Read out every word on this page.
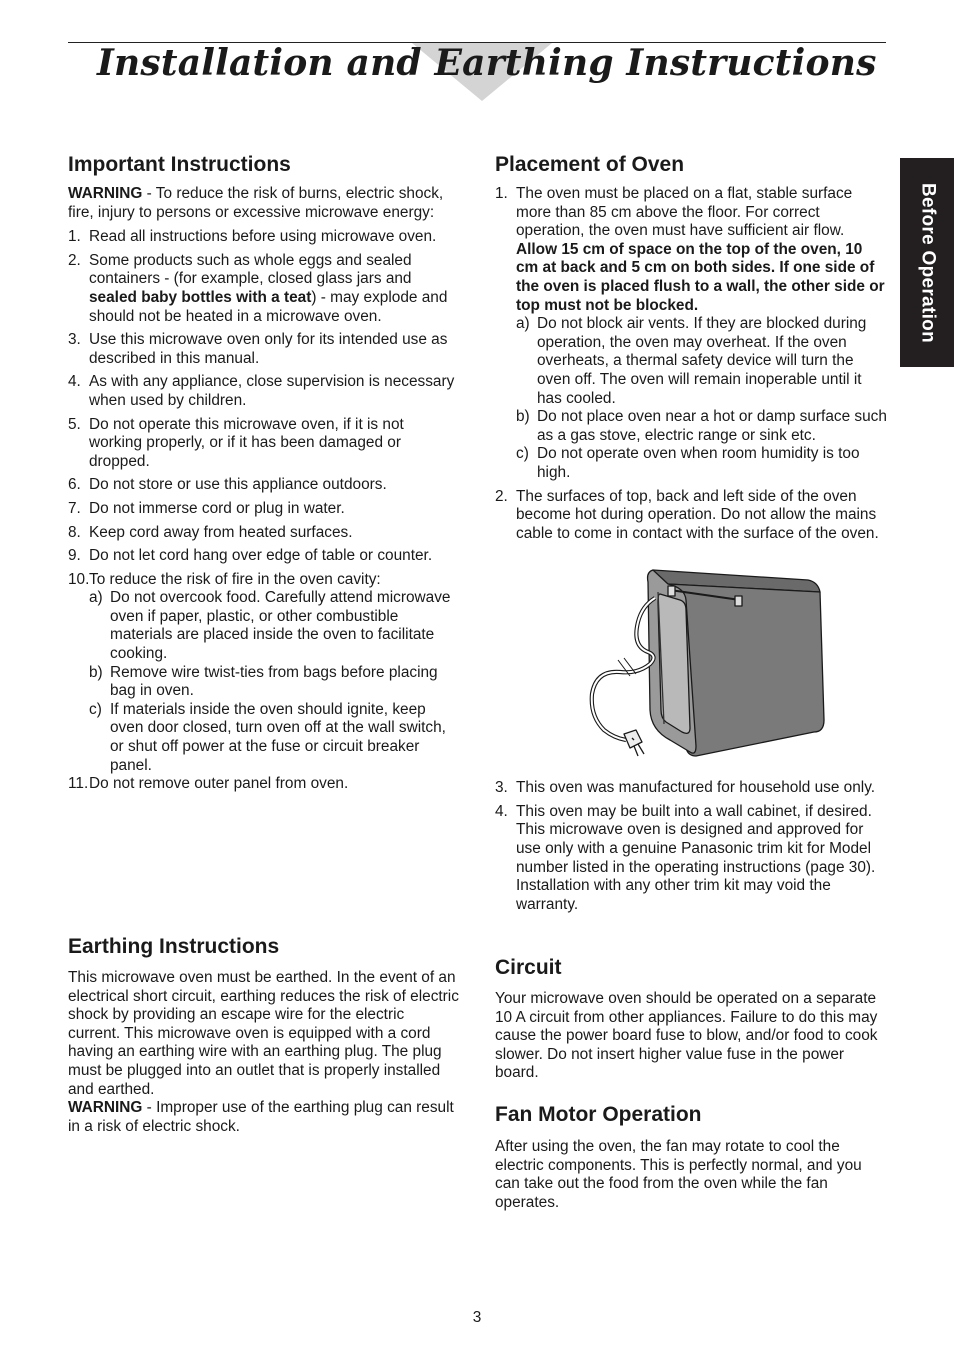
Installation and Earthing Instructions
Before Operation
Important Instructions

WARNING - To reduce the risk of burns, electric shock, fire, injury to persons or excessive microwave energy:

1. Read all instructions before using microwave oven.
2. Some products such as whole eggs and sealed containers - (for example, closed glass jars and sealed baby bottles with a teat) - may explode and should not be heated in a microwave oven.
3. Use this microwave oven only for its intended use as described in this manual.
4. As with any appliance, close supervision is necessary when used by children.
5. Do not operate this microwave oven, if it is not working properly, or if it has been damaged or dropped.
6. Do not store or use this appliance outdoors.
7. Do not immerse cord or plug in water.
8. Keep cord away from heated surfaces.
9. Do not let cord hang over edge of table or counter.
10. To reduce the risk of fire in the oven cavity:
a) Do not overcook food. Carefully attend microwave oven if paper, plastic, or other combustible materials are placed inside the oven to facilitate cooking.
b) Remove wire twist-ties from bags before placing bag in oven.
c) If materials inside the oven should ignite, keep oven door closed, turn oven off at the wall switch, or shut off power at the fuse or circuit breaker panel.
11. Do not remove outer panel from oven.
Earthing Instructions
This microwave oven must be earthed. In the event of an electrical short circuit, earthing reduces the risk of electric shock by providing an escape wire for the electric current. This microwave oven is equipped with a cord having an earthing wire with an earthing plug. The plug must be plugged into an outlet that is properly installed and earthed.
WARNING - Improper use of the earthing plug can result in a risk of electric shock.
Placement of Oven
1. The oven must be placed on a flat, stable surface more than 85 cm above the floor. For correct operation, the oven must have sufficient air flow. Allow 15 cm of space on the top of the oven, 10 cm at back and 5 cm on both sides. If one side of the oven is placed flush to a wall, the other side or top must not be blocked.
a) Do not block air vents. If they are blocked during operation, the oven may overheat. If the oven overheats, a thermal safety device will turn the oven off. The oven will remain inoperable until it has cooled.
b) Do not place oven near a hot or damp surface such as a gas stove, electric range or sink etc.
c) Do not operate oven when room humidity is too high.
2. The surfaces of top, back and left side of the oven become hot during operation. Do not allow the mains cable to come in contact with the surface of the oven.
3. This oven was manufactured for household use only.
4. This oven may be built into a wall cabinet, if desired. This microwave oven is designed and approved for use only with a genuine Panasonic trim kit for Model number listed in the operating instructions (page 30). Installation with any other trim kit may void the warranty.
Circuit

Your microwave oven should be operated on a separate 10 A circuit from other appliances. Failure to do this may cause the power board fuse to blow, and/or food to cook slower. Do not insert higher value fuse in the power board.

Fan Motor Operation

After using the oven, the fan may rotate to cool the electric components. This is perfectly normal, and you can take out the food from the oven while the fan operates.

3
